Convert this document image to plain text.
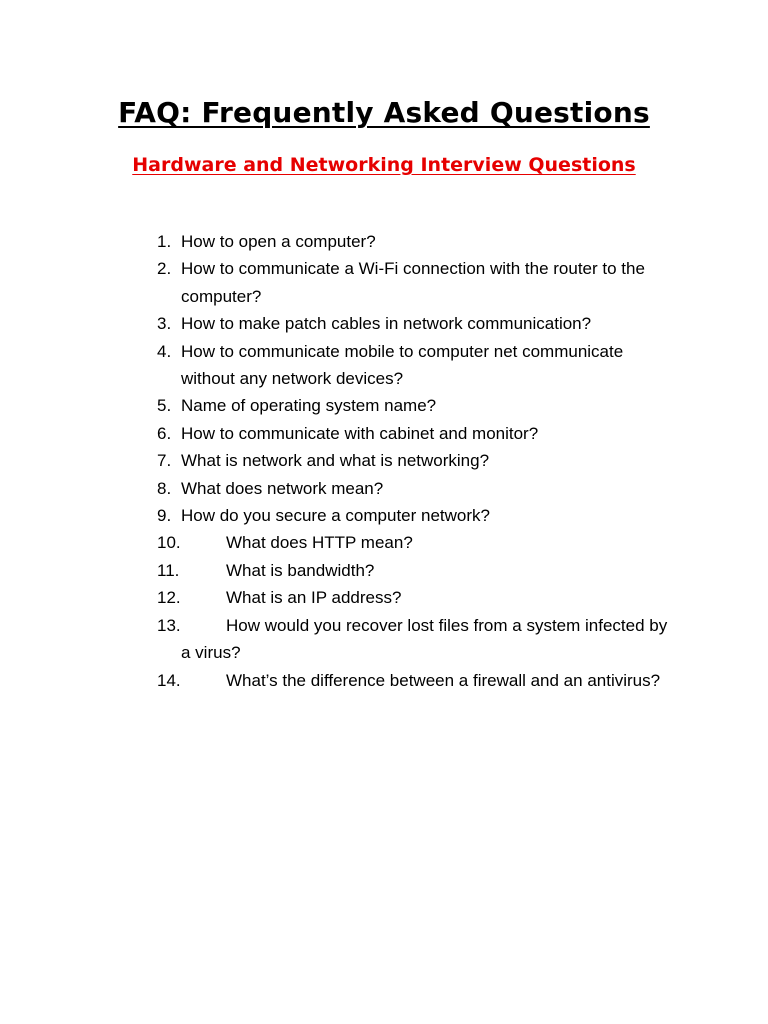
FAQ: Frequently Asked Questions
Hardware and Networking Interview Questions
1. How to open a computer?
2. How to communicate a Wi-Fi connection with the router to the computer?
3. How to make patch cables in network communication?
4. How to communicate mobile to computer net communicate without any network devices?
5. Name of operating system name?
6. How to communicate with cabinet and monitor?
7. What is network and what is networking?
8. What does network mean?
9. How do you secure a computer network?
10.	What does HTTP mean?
11.	What is bandwidth?
12.	What is an IP address?
13.	How would you recover lost files from a system infected by a virus?
14.	What’s the difference between a firewall and an antivirus?
